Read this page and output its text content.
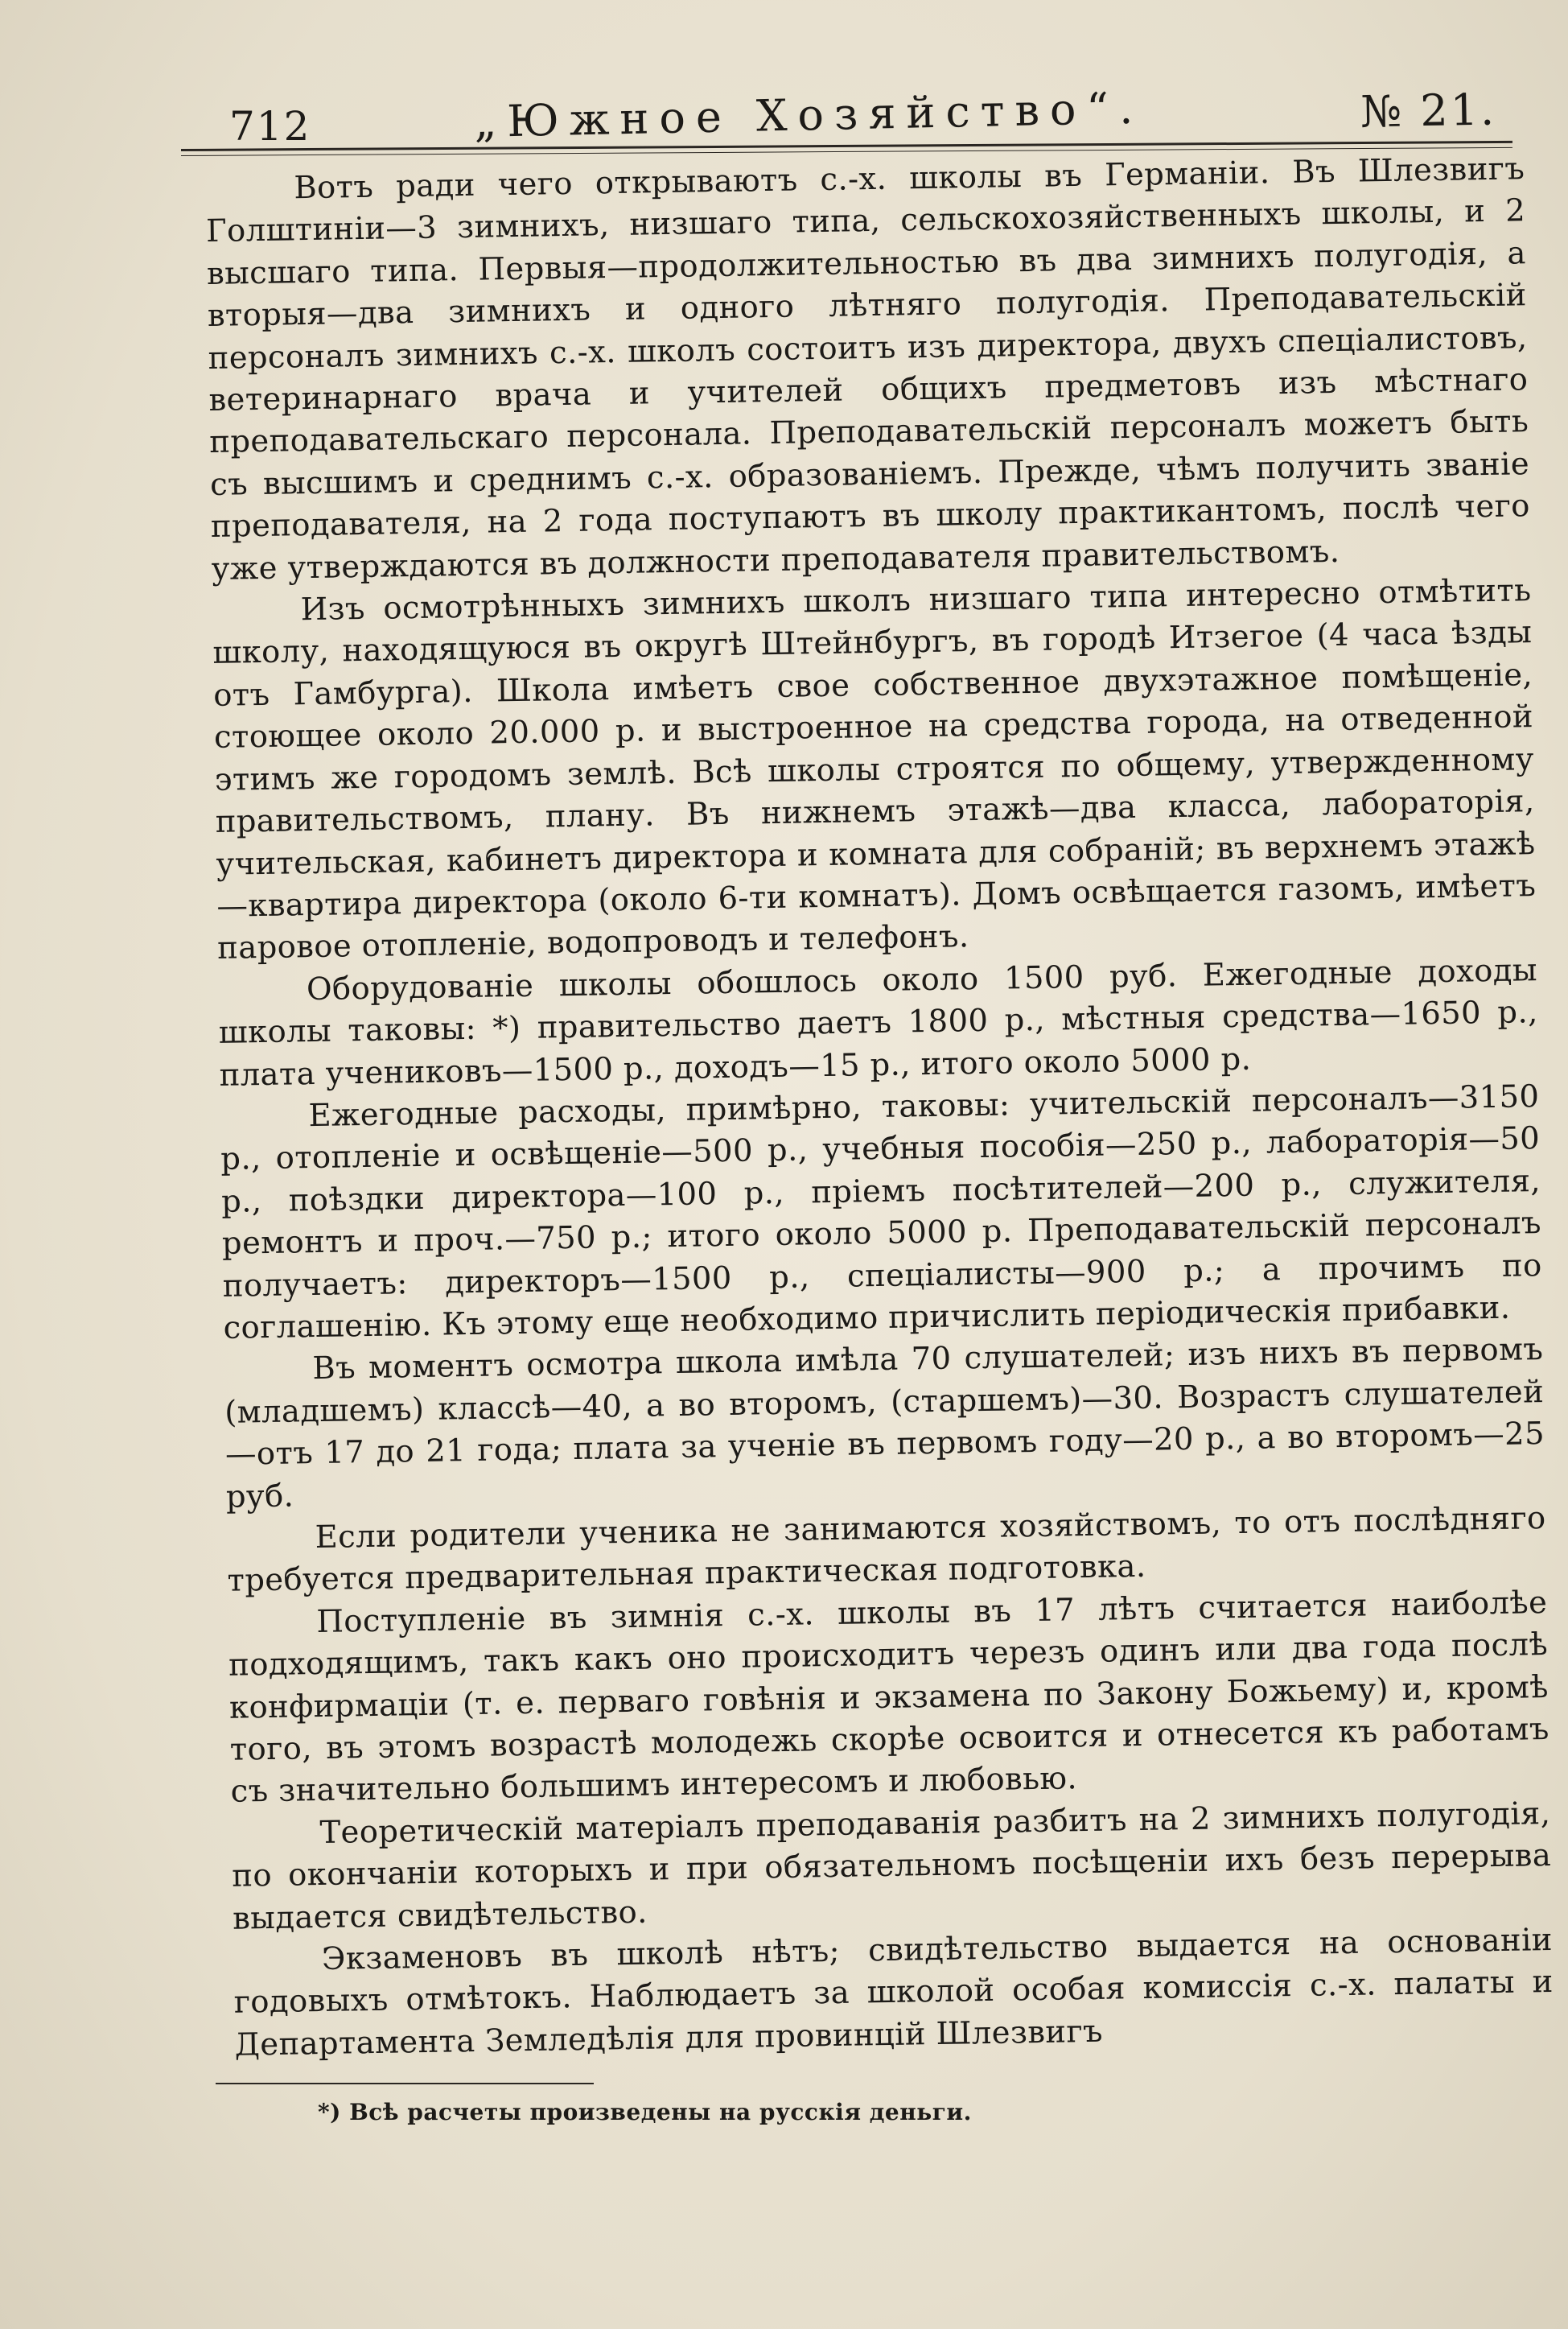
712	„Южное Хозяйство“.	№ 21.

Вотъ ради чего открываютъ с.-х. школы въ Германіи. Въ Шлезвигъ Голштиніи—3 зимнихъ, низшаго типа, сельскохозяйственныхъ школы, и 2 высшаго типа. Первыя—продолжительностью въ два зимнихъ полугодія, а вторыя—два зимнихъ и одного лѣтняго полугодія. Преподавательскій персоналъ зимнихъ с.-х. школъ состоитъ изъ директора, двухъ спеціалистовъ, ветеринарнаго врача и учителей общихъ предметовъ изъ мѣстнаго преподавательскаго персонала. Преподавательскій персоналъ можетъ быть съ высшимъ и среднимъ с.-х. образованіемъ. Прежде, чѣмъ получить званіе преподавателя, на 2 года поступаютъ въ школу практикантомъ, послѣ чего уже утверждаются въ должности преподавателя правительствомъ.

Изъ осмотрѣнныхъ зимнихъ школъ низшаго типа интересно отмѣтить школу, находящуюся въ округѣ Штейнбургъ, въ городѣ Итзегое (4 часа ѣзды отъ Гамбурга). Школа имѣетъ свое собственное двухэтажное помѣщеніе, стоющее около 20.000 р. и выстроенное на средства города, на отведенной этимъ же городомъ землѣ. Всѣ школы строятся по общему, утвержденному правительствомъ, плану. Въ нижнемъ этажѣ—два класса, лабораторія, учительская, кабинетъ директора и комната для собраній; въ верхнемъ этажѣ—квартира директора (около 6-ти комнатъ). Домъ освѣщается газомъ, имѣетъ паровое отопленіе, водопроводъ и телефонъ.

Оборудованіе школы обошлось около 1500 руб. Ежегодные доходы школы таковы: *) правительство даетъ 1800 р., мѣстныя средства—1650 р., плата учениковъ—1500 р., доходъ—15 р., итого около 5000 р.

Ежегодные расходы, примѣрно, таковы: учительскій персоналъ—3150 р., отопленіе и освѣщеніе—500 р., учебныя пособія—250 р., лабораторія—50 р., поѣздки директора—100 р., пріемъ посѣтителей—200 р., служителя, ремонтъ и проч.—750 р.; итого около 5000 р. Преподавательскій персоналъ получаетъ: директоръ—1500 р., спеціалисты—900 р.; а прочимъ по соглашенію. Къ этому еще необходимо причислить періодическія прибавки.

Въ моментъ осмотра школа имѣла 70 слушателей; изъ нихъ въ первомъ (младшемъ) классѣ—40, а во второмъ, (старшемъ)—30. Возрастъ слушателей—отъ 17 до 21 года; плата за ученіе въ первомъ году—20 р., а во второмъ—25 руб.

Если родители ученика не занимаются хозяйствомъ, то отъ послѣдняго требуется предварительная практическая подготовка.

Поступленіе въ зимнія с.-х. школы въ 17 лѣтъ считается наиболѣе подходящимъ, такъ какъ оно происходитъ черезъ одинъ или два года послѣ конфирмаціи (т. е. перваго говѣнія и экзамена по Закону Божьему) и, кромѣ того, въ этомъ возрастѣ молодежь скорѣе освоится и отнесется къ работамъ съ значительно большимъ интересомъ и любовью.

Теоретическій матеріалъ преподаванія разбитъ на 2 зимнихъ полугодія, по окончаніи которыхъ и при обязательномъ посѣщеніи ихъ безъ перерыва выдается свидѣтельство.

Экзаменовъ въ школѣ нѣтъ; свидѣтельство выдается на основаніи годовыхъ отмѣтокъ. Наблюдаетъ за школой особая комиссія с.-х. палаты и Департамента Земледѣлія для провинцій Шлезвигъ

*) Всѣ расчеты произведены на русскія деньги.
